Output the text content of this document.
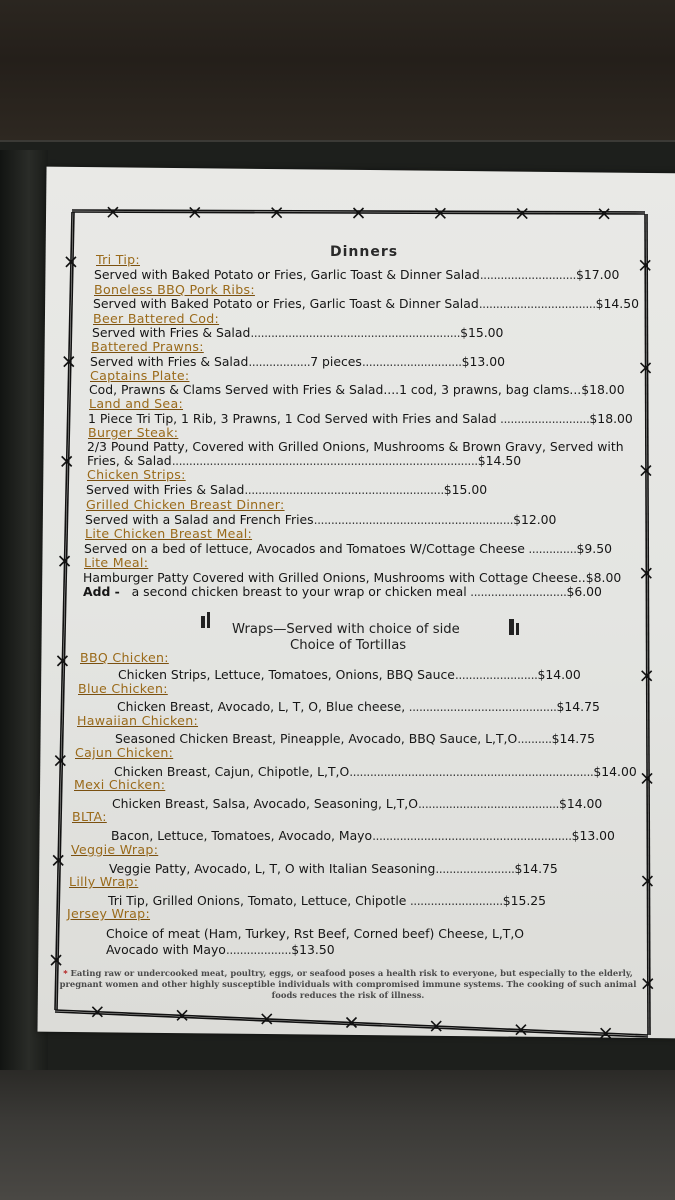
Dinners
Tri Tip:
Served with Baked Potato or Fries, Garlic Toast & Dinner Salad............................$17.00
Boneless BBQ Pork Ribs:
Served with Baked Potato or Fries, Garlic Toast & Dinner Salad..................................$14.50
Beer Battered Cod:
Served with Fries & Salad.............................................................$15.00
Battered Prawns:
Served with Fries & Salad..................7 pieces.............................$13.00
Captains Plate:
Cod, Prawns & Clams Served with Fries & Salad....1 cod, 3 prawns, bag clams...$18.00
Land and Sea:
1 Piece Tri Tip, 1 Rib, 3 Prawns, 1 Cod Served with Fries and Salad ..........................$18.00
Burger Steak:
2/3 Pound Patty, Covered with Grilled Onions, Mushrooms & Brown Gravy, Served with
Fries, & Salad.........................................................................................$14.50
Chicken Strips:
Served with Fries & Salad..........................................................$15.00
Grilled Chicken Breast Dinner:
Served with a Salad and French Fries..........................................................$12.00
Lite Chicken Breast Meal:
Served on a bed of lettuce, Avocados and Tomatoes W/Cottage Cheese ..............$9.50
Lite Meal:
Hamburger Patty Covered with Grilled Onions, Mushrooms with Cottage Cheese..$8.00
Add - a second chicken breast to your wrap or chicken meal ............................$6.00
Wraps—Served with choice of side
Choice of Tortillas
BBQ Chicken:
Chicken Strips, Lettuce, Tomatoes, Onions, BBQ Sauce........................$14.00
Blue Chicken:
Chicken Breast, Avocado, L, T, O, Blue cheese, ...........................................$14.75
Hawaiian Chicken:
Seasoned Chicken Breast, Pineapple, Avocado, BBQ Sauce, L,T,O..........$14.75
Cajun Chicken:
Chicken Breast, Cajun, Chipotle, L,T,O.......................................................................$14.00
Mexi Chicken:
Chicken Breast, Salsa, Avocado, Seasoning, L,T,O.........................................$14.00
BLTA:
Bacon, Lettuce, Tomatoes, Avocado, Mayo..........................................................$13.00
Veggie Wrap:
Veggie Patty, Avocado, L, T, O with Italian Seasoning.......................$14.75
Lilly Wrap:
Tri Tip, Grilled Onions, Tomato, Lettuce, Chipotle ...........................$15.25
Jersey Wrap:
Choice of meat (Ham, Turkey, Rst Beef, Corned beef) Cheese, L,T,O
Avocado with Mayo...................$13.50
* Eating raw or undercooked meat, poultry, eggs, or seafood poses a health risk to everyone, but especially to the elderly, pregnant women and other highly susceptible individuals with compromised immune systems. The cooking of such animal foods reduces the risk of illness.
